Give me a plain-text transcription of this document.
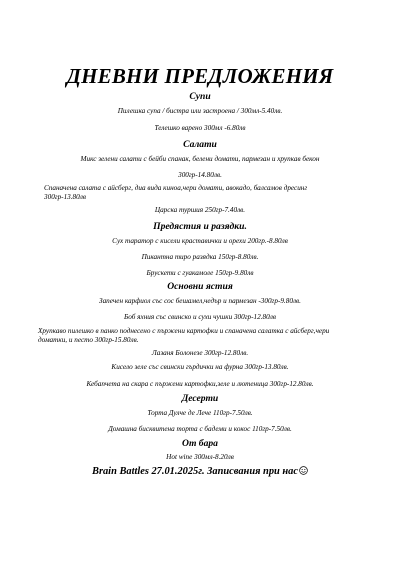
ДНЕВНИ ПРЕДЛОЖЕНИЯ
Супи
Пилешка супа / бистра или застроена / 300мл-5.40лв.
Телешко варено 300мл -6.80лв
Салати
Микс зелени салати с бейби спанак, белени домати, пармезан и хрупкав бекон
300гр-14.80лв.
Спаначена салата с айсберг, диа вида киноа,чери домати, авокадо, балсамов дресинг 300гр-13.80лв
Царска туршия 250гр-7.40лв.
Предястия и разядки.
Сух таратор с кисели краставички и орехи 200гр.-8.80лв
Пикантна тиро разядка 150гр-8.80лв.
Брускети с гуакамоле 150гр-9.80лв
Основни ястия
Запечен карфиол със сос бешамел,чедър и пармезан -300гр-9.80лв.
Боб яхния със свинско и сухи чушки 300гр-12.80лв
Хрупкаво пилешко в панко поднесено с пържени картофки и спаначена салатка с айсберг,чери доматки, и песто 300гр-15.80лв.
Лазаня Болонезе 300гр-12.80лв.
Кисело зеле със свински гърдички на фурна 300гр-13.80лв.
Кебапчета на скара с пържени картофки,зеле и лютеница 300гр-12.80лв.
Десерти
Торта Дулче де Лече 110гр-7.50лв.
Домашна бисквитена торта с бадеми и кокос 110гр-7.50лв.
От бара
Hot wine 300мл-8.20лв
Brain Battles 27.01.2025г. Записвания при нас
